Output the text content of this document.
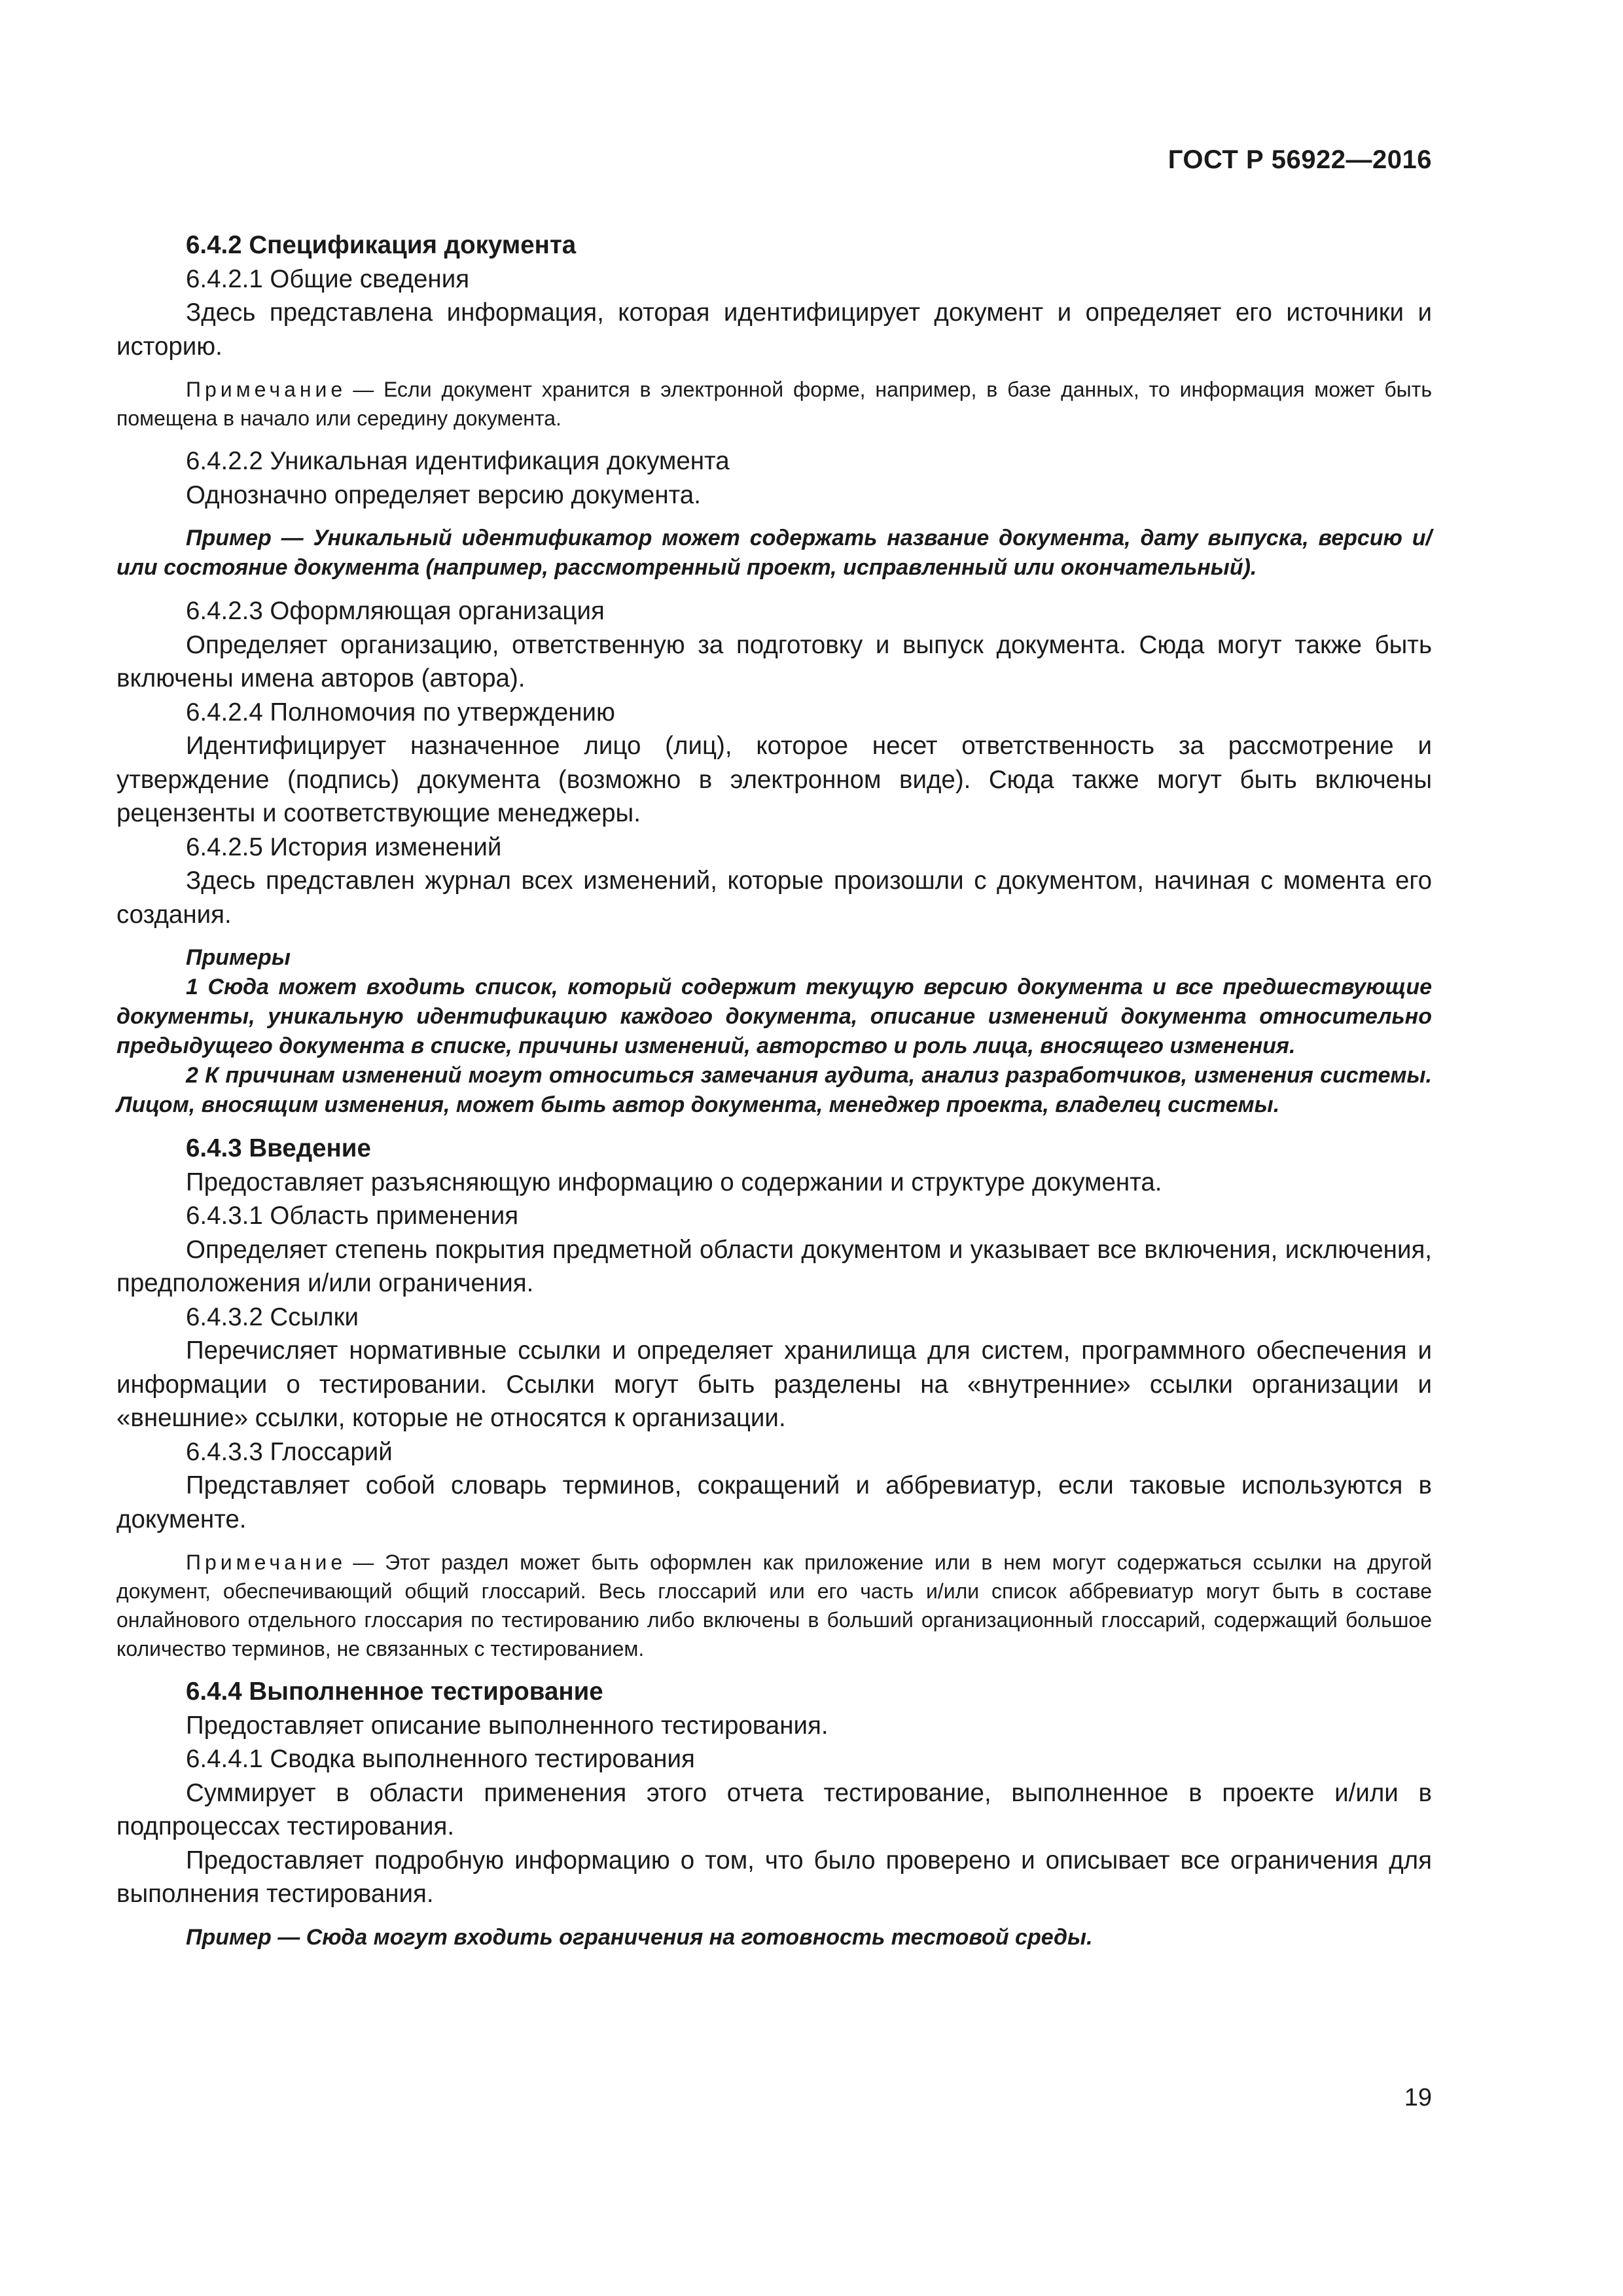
ГОСТ Р 56922—2016

6.4.2 Спецификация документа

6.4.2.1 Общие сведения

Здесь представлена информация, которая идентифицирует документ и определяет его источники и историю.

Примечание — Если документ хранится в электронной форме, например, в базе данных, то информация может быть помещена в начало или середину документа.

6.4.2.2 Уникальная идентификация документа

Однозначно определяет версию документа.

Пример — Уникальный идентификатор может содержать название документа, дату выпуска, версию и/или состояние документа (например, рассмотренный проект, исправленный или окончательный).

6.4.2.3 Оформляющая организация

Определяет организацию, ответственную за подготовку и выпуск документа. Сюда могут также быть включены имена авторов (автора).

6.4.2.4 Полномочия по утверждению

Идентифицирует назначенное лицо (лиц), которое несет ответственность за рассмотрение и утверждение (подпись) документа (возможно в электронном виде). Сюда также могут быть включены рецензенты и соответствующие менеджеры.

6.4.2.5 История изменений

Здесь представлен журнал всех изменений, которые произошли с документом, начиная с момента его создания.

Примеры

1 Сюда может входить список, который содержит текущую версию документа и все предшествующие документы, уникальную идентификацию каждого документа, описание изменений документа относительно предыдущего документа в списке, причины изменений, авторство и роль лица, вносящего изменения.

2 К причинам изменений могут относиться замечания аудита, анализ разработчиков, изменения системы. Лицом, вносящим изменения, может быть автор документа, менеджер проекта, владелец системы.

6.4.3 Введение

Предоставляет разъясняющую информацию о содержании и структуре документа.

6.4.3.1 Область применения

Определяет степень покрытия предметной области документом и указывает все включения, исключения, предположения и/или ограничения.

6.4.3.2 Ссылки

Перечисляет нормативные ссылки и определяет хранилища для систем, программного обеспечения и информации о тестировании. Ссылки могут быть разделены на «внутренние» ссылки организации и «внешние» ссылки, которые не относятся к организации.

6.4.3.3 Глоссарий

Представляет собой словарь терминов, сокращений и аббревиатур, если таковые используются в документе.

Примечание — Этот раздел может быть оформлен как приложение или в нем могут содержаться ссылки на другой документ, обеспечивающий общий глоссарий. Весь глоссарий или его часть и/или список аббревиатур могут быть в составе онлайнового отдельного глоссария по тестированию либо включены в больший организационный глоссарий, содержащий большое количество терминов, не связанных с тестированием.

6.4.4 Выполненное тестирование

Предоставляет описание выполненного тестирования.

6.4.4.1 Сводка выполненного тестирования

Суммирует в области применения этого отчета тестирование, выполненное в проекте и/или в подпроцессах тестирования.

Предоставляет подробную информацию о том, что было проверено и описывает все ограничения для выполнения тестирования.

Пример — Сюда могут входить ограничения на готовность тестовой среды.

19
